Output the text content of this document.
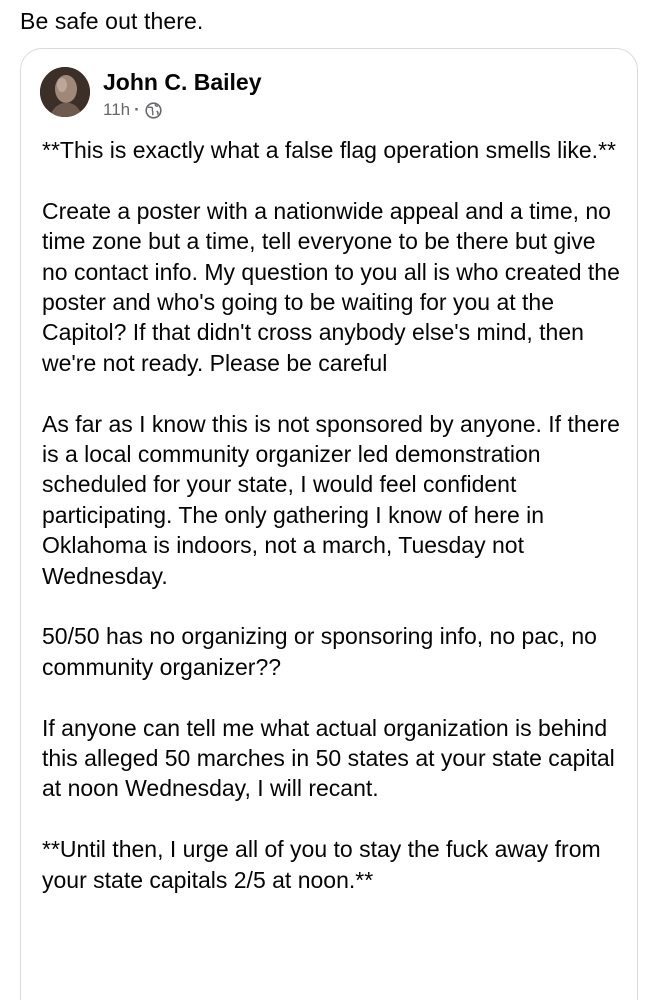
Be safe out there.
John C. Bailey
11h ·

**This is exactly what a false flag operation smells like.**

Create a poster with a nationwide appeal and a time, no time zone but a time, tell everyone to be there but give no contact info. My question to you all is who created the poster and who's going to be waiting for you at the Capitol? If that didn't cross anybody else's mind, then we're not ready. Please be careful

As far as I know this is not sponsored by anyone. If there is a local community organizer led demonstration scheduled for your state, I would feel confident participating. The only gathering I know of here in Oklahoma is indoors, not a march, Tuesday not Wednesday.

50/50 has no organizing or sponsoring info, no pac, no community organizer??

If anyone can tell me what actual organization is behind this alleged 50 marches in 50 states at your state capital at noon Wednesday, I will recant.

**Until then, I urge all of you to stay the fuck away from your state capitals 2/5 at noon.**
